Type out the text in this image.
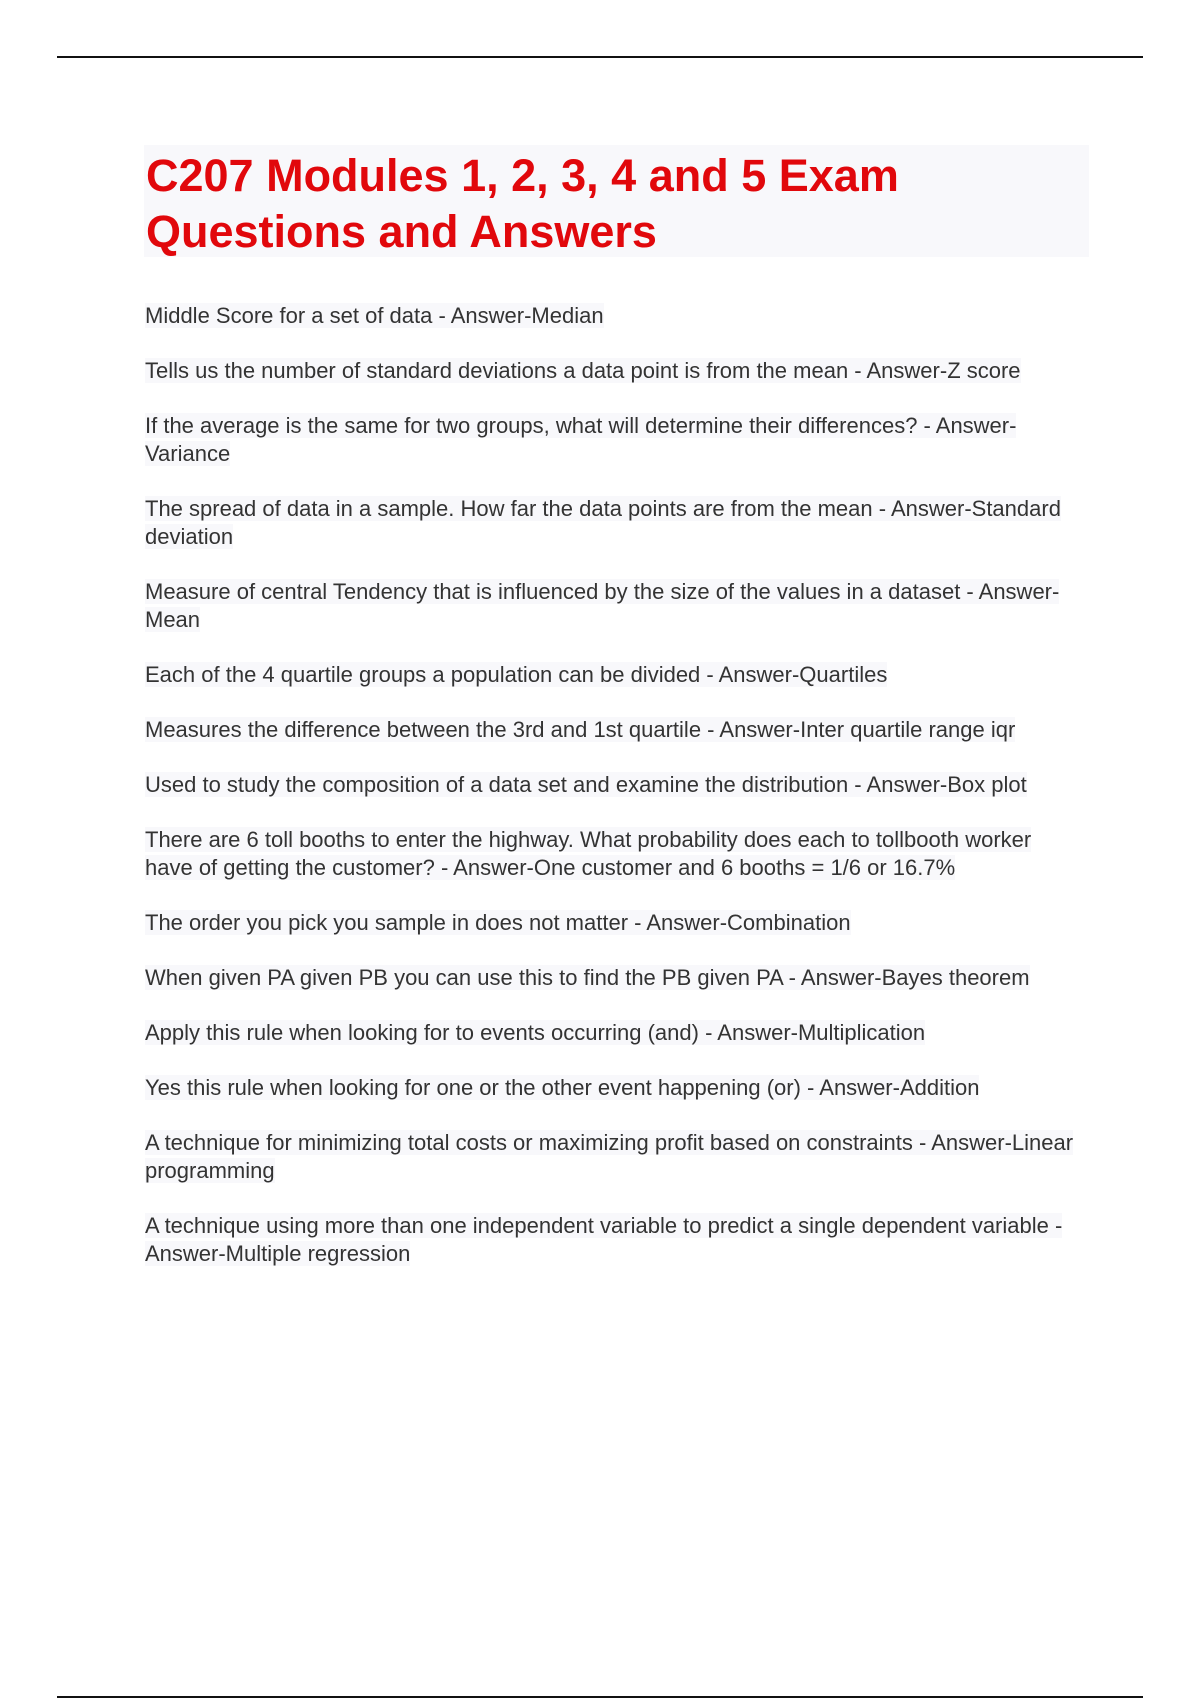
C207 Modules 1, 2, 3, 4 and 5 Exam Questions and Answers
Middle Score for a set of data - Answer-Median
Tells us the number of standard deviations a data point is from the mean - Answer-Z score
If the average is the same for two groups, what will determine their differences? - Answer-Variance
The spread of data in a sample. How far the data points are from the mean - Answer-Standard deviation
Measure of central Tendency that is influenced by the size of the values in a dataset - Answer-Mean
Each of the 4 quartile groups a population can be divided - Answer-Quartiles
Measures the difference between the 3rd and 1st quartile - Answer-Inter quartile range iqr
Used to study the composition of a data set and examine the distribution - Answer-Box plot
There are 6 toll booths to enter the highway. What probability does each to tollbooth worker have of getting the customer? - Answer-One customer and 6 booths = 1/6 or 16.7%
The order you pick you sample in does not matter - Answer-Combination
When given PA given PB you can use this to find the PB given PA - Answer-Bayes theorem
Apply this rule when looking for to events occurring (and) - Answer-Multiplication
Yes this rule when looking for one or the other event happening (or) - Answer-Addition
A technique for minimizing total costs or maximizing profit based on constraints - Answer-Linear programming
A technique using more than one independent variable to predict a single dependent variable - Answer-Multiple regression
